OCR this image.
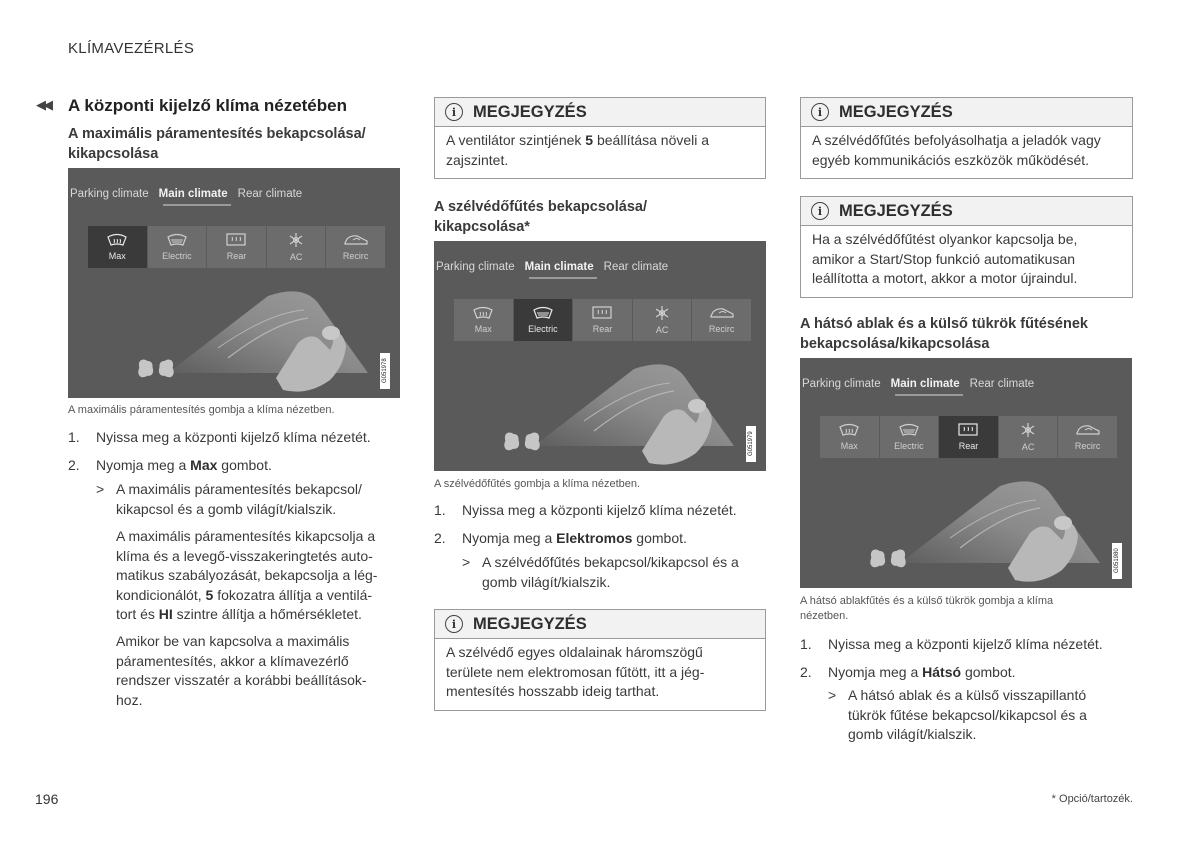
KLÍMAVEZÉRLÉS
◀◀ A központi kijelző klíma nézetében
A maximális páramentesítés bekapcsolása/
kikapcsolása
Parking climate Main climate Rear climate
Max	Electric	Rear	AC	Recirc
G051978
A maximális páramentesítés gombja a klíma nézetben.
1. Nyissa meg a központi kijelző klíma nézetét.
2. Nyomja meg a Max gombot.
> A maximális páramentesítés bekapcsol/
kikapcsol és a gomb világít/kialszik.
A maximális páramentesítés kikapcsolja a
klíma és a levegő-visszakeringtetés auto-
matikus szabályozását, bekapcsolja a lég-
kondicionálót, 5 fokozatra állítja a ventilá-
tort és HI szintre állítja a hőmérsékletet.
Amikor be van kapcsolva a maximális
páramentesítés, akkor a klímavezérlő
rendszer visszatér a korábbi beállítások-
hoz.
i	MEGJEGYZÉS
A ventilátor szintjének 5 beállítása növeli a
zajszintet.
A szélvédőfűtés bekapcsolása/
kikapcsolása*
Parking climate Main climate Rear climate
Max	Electric	Rear	AC	Recirc
G051979
A szélvédőfűtés gombja a klíma nézetben.
1. Nyissa meg a központi kijelző klíma nézetét.
2. Nyomja meg a Elektromos gombot.
> A szélvédőfűtés bekapcsol/kikapcsol és a
gomb világít/kialszik.
i	MEGJEGYZÉS
A szélvédő egyes oldalainak háromszögű
területe nem elektromosan fűtött, itt a jég-
mentesítés hosszabb ideig tarthat.
i	MEGJEGYZÉS
A szélvédőfűtés befolyásolhatja a jeladók vagy
egyéb kommunikációs eszközök működését.
i	MEGJEGYZÉS
Ha a szélvédőfűtést olyankor kapcsolja be,
amikor a Start/Stop funkció automatikusan
leállította a motort, akkor a motor újraindul.
A hátsó ablak és a külső tükrök fűtésének
bekapcsolása/kikapcsolása
Parking climate Main climate Rear climate
Max	Electric	Rear	AC	Recirc
G051980
A hátsó ablakfűtés és a külső tükrök gombja a klíma
nézetben.
1. Nyissa meg a központi kijelző klíma nézetét.
2. Nyomja meg a Hátsó gombot.
> A hátsó ablak és a külső visszapillantó
tükrök fűtése bekapcsol/kikapcsol és a
gomb világít/kialszik.
196	* Opció/tartozék.
